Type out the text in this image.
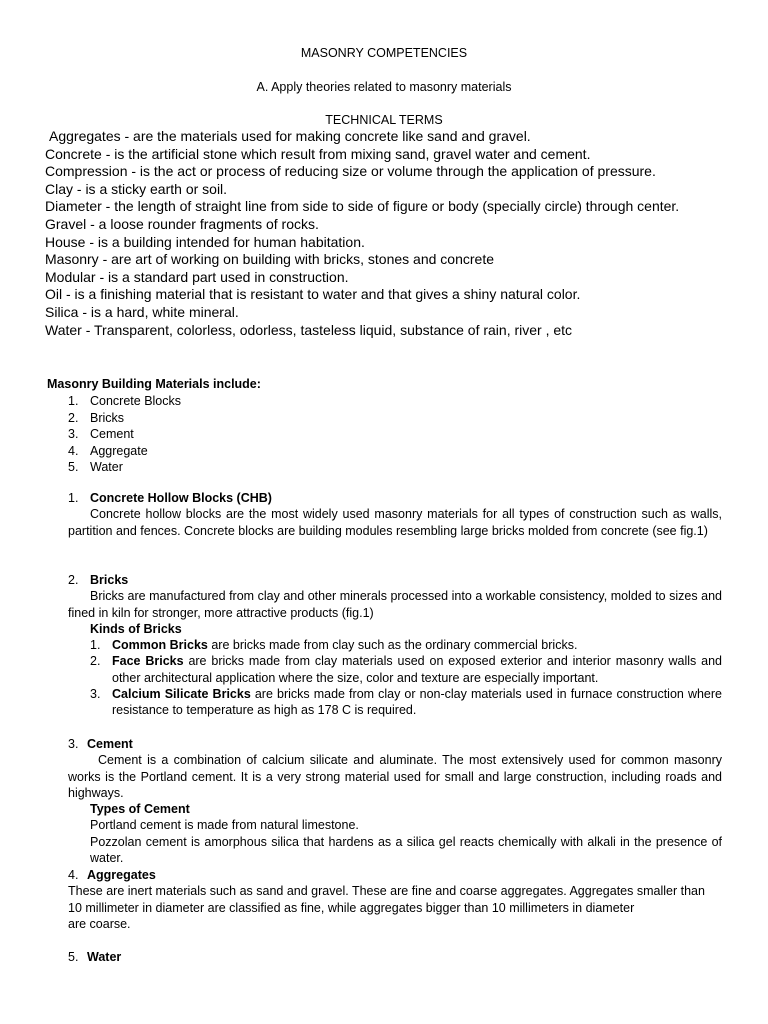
MASONRY COMPETENCIES
A. Apply theories related to masonry materials
TECHNICAL TERMS

Aggregates - are the materials used for making concrete like sand and gravel.

Concrete - is the artificial stone which result from mixing sand, gravel water and cement.

Compression - is the act or process of reducing size or volume through the application of pressure.

Clay - is a sticky earth or soil.

Diameter - the length of straight line from side to side of figure or body (specially circle) through center.

Gravel - a loose rounder fragments of rocks.

House - is a building intended for human habitation.

Masonry - are art of working on building with bricks, stones and concrete

Modular - is a standard part used in construction.

Oil - is a finishing material that is resistant to water and that gives a shiny natural color.

Silica - is a hard, white mineral.

Water - Transparent, colorless, odorless, tasteless liquid, substance of rain, river , etc

Masonry Building Materials include:
1. Concrete Blocks
2. Bricks
3. Cement
4. Aggregate
5. Water
1. Concrete Hollow Blocks (CHB)

Concrete hollow blocks are the most widely used masonry materials for all types of construction such as walls, partition and fences. Concrete blocks are building modules resembling large bricks molded from concrete (see fig.1)

2. Bricks

Bricks are manufactured from clay and other minerals processed into a workable consistency, molded to sizes and fined in kiln for stronger, more attractive products (fig.1)

Kinds of Bricks
1. Common Bricks are bricks made from clay such as the ordinary commercial bricks.
2. Face Bricks are bricks made from clay materials used on exposed exterior and interior masonry walls and other architectural application where the size, color and texture are especially important.
3. Calcium Silicate Bricks are bricks made from clay or non-clay materials used in furnace construction where resistance to temperature as high as 178 C is required.
3. Cement

Cement is a combination of calcium silicate and aluminate. The most extensively used for common masonry works is the Portland cement. It is a very strong material used for small and large construction, including roads and highways.

Types of Cement

Portland cement is made from natural limestone.

Pozzolan cement is amorphous silica that hardens as a silica gel reacts chemically with alkali in the presence of water.

4. Aggregates

These are inert materials such as sand and gravel. These are fine and coarse aggregates. Aggregates smaller than 10 millimeter in diameter are classified as fine, while aggregates bigger than 10 millimeters in diameter

are coarse.

5. Water
